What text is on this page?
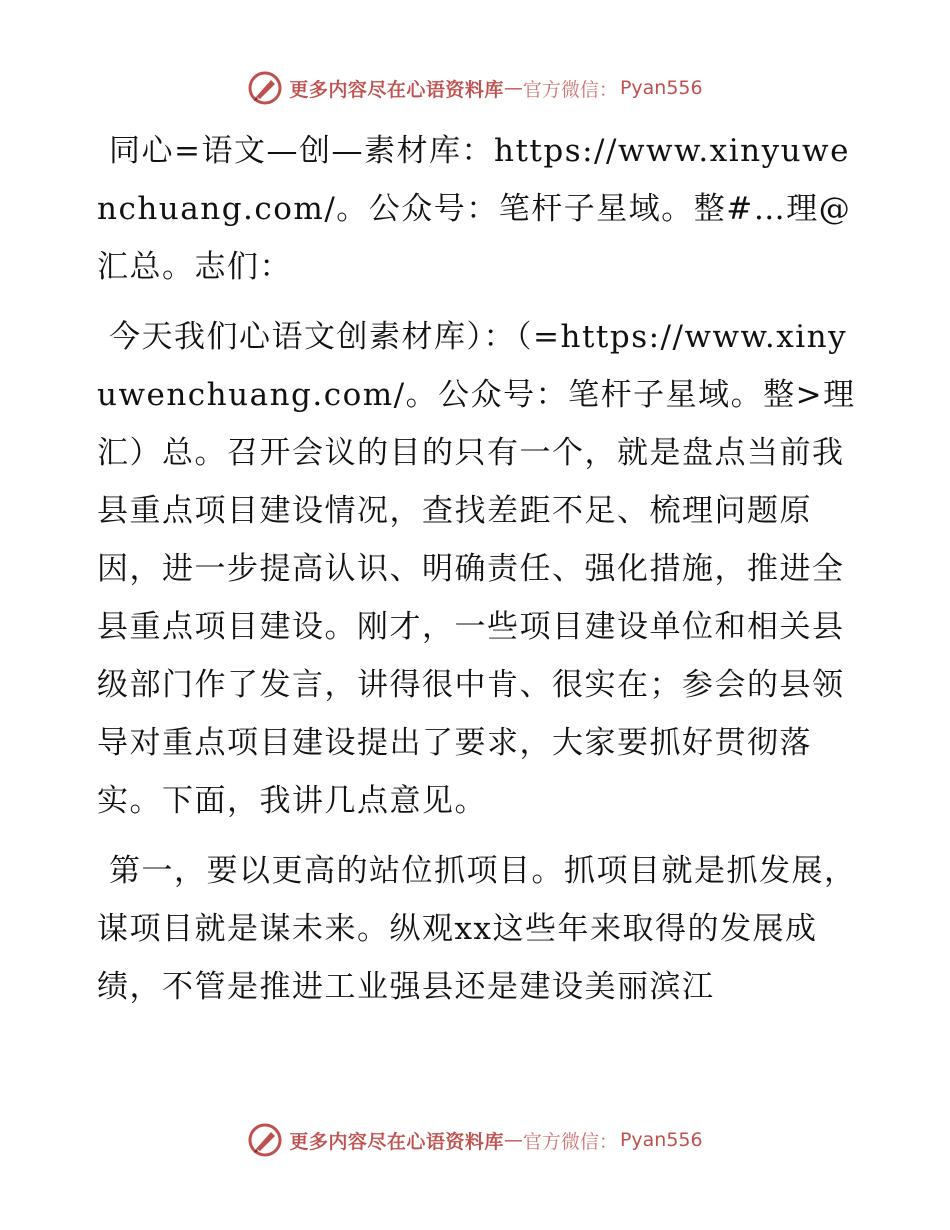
更多内容尽在心语资料库 — 官方微信： Pyan556

同心=语文—创—素材库：https://www.xinyuwenchuang.com/。公众号：笔杆子星域。整#…理@汇总。志们：

今天我们心语文创素材库）：（=https://www.xinyuwenchuang.com/。公众号：笔杆子星域。整>理汇）总。召开会议的目的只有一个，就是盘点当前我县重点项目建设情况，查找差距不足、梳理问题原因，进一步提高认识、明确责任、强化措施，推进全县重点项目建设。刚才，一些项目建设单位和相关县级部门作了发言，讲得很中肯、很实在；参会的县领导对重点项目建设提出了要求，大家要抓好贯彻落实。下面，我讲几点意见。

第一，要以更高的站位抓项目。抓项目就是抓发展，谋项目就是谋未来。纵观xx这些年来取得的发展成绩，不管是推进工业强县还是建设美丽滨江

更多内容尽在心语资料库 — 官方微信： Pyan556
